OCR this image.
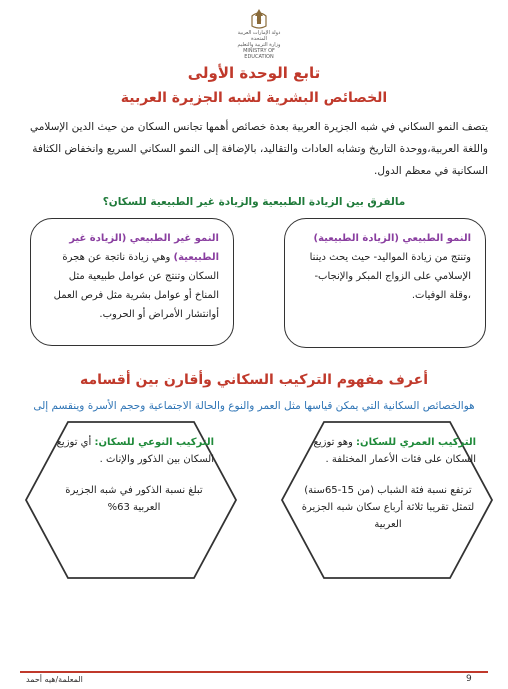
دولة الإمارات العربية المتحدة
وزارة التربية والتعليم
MINISTRY OF EDUCATION
تابع الوحدة الأولى
الخصائص البشرية لشبه الجزيرة العربية
يتصف النمو السكاني في شبه الجزيرة العربية بعدة خصائص أهمها تجانس السكان من حيث الدين الإسلامي واللغة العربية،ووحدة التاريخ وتشابه العادات والتقاليد، بالإضافة إلى النمو السكاني السريع وانخفاض الكثافة السكانية في معظم الدول.
مالفرق بين الزيادة الطبيعية والزيادة غير الطبيعية للسكان؟
النمو الطبيعي (الزيادة الطبيعية) وتنتج من زيادة المواليد- حيث يحث ديننا الإسلامي على الزواج المبكر والإنجاب- ،وقلة الوفيات.
النمو غير الطبيعي (الزيادة غير الطبيعية) وهي زيادة ناتجة عن هجرة السكان وتنتج عن عوامل طبيعية مثل المناخ أو عوامل بشرية مثل فرص العمل أوانتشار الأمراض أو الحروب.
أعرف مفهوم التركيب السكاني وأقارن بين أقسامه
هوالخصائص السكانية التي يمكن قياسها مثل العمر والنوع والحالة الاجتماعية وحجم الأسرة وينقسم إلى
التركيب العمري للسكان: وهو توزيع السكان على فئات الأعمار المختلفة .
ترتفع نسبة فئة الشباب (من 15-65سنة) لتمثل تقريبا ثلاثة أرباع سكان شبه الجزيرة العربية
التركيب النوعي للسكان: أي توزيع السكان بين الذكور والإناث .
تبلغ نسبة الذكور في شبه الجزيرة العربية 63%
المعلمة/هيه أحمد	9
